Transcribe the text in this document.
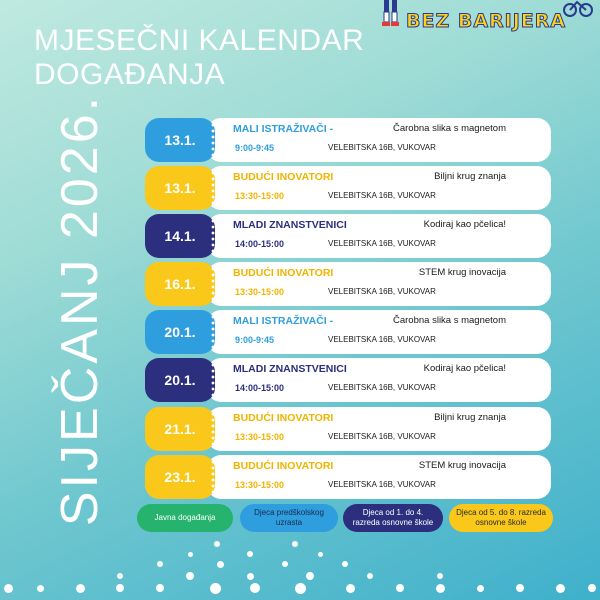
BEZ BARIJERA
MJESEČNI KALENDAR
DOGAĐANJA
SIJEČANJ 2026.	13.1.
MALI ISTRAŽIVAČI -
9:00-9:45
Čarobna slika s magnetom
VELEBITSKA 16B, VUKOVAR
13.1.
BUDUĆI INOVATORI
13:30-15:00
Biljni krug znanja
VELEBITSKA 16B, VUKOVAR
14.1.
MLADI ZNANSTVENICI
14:00-15:00
Kodiraj kao pčelica!
VELEBITSKA 16B, VUKOVAR
16.1.
BUDUĆI INOVATORI
13:30-15:00
STEM krug inovacija
VELEBITSKA 16B, VUKOVAR
20.1.
MALI ISTRAŽIVAČI -
9:00-9:45
Čarobna slika s magnetom
VELEBITSKA 16B, VUKOVAR
20.1.
MLADI ZNANSTVENICI
14:00-15:00
Kodiraj kao pčelica!
VELEBITSKA 16B, VUKOVAR
21.1.
BUDUĆI INOVATORI
13:30-15:00
Biljni krug znanja
VELEBITSKA 16B, VUKOVAR
23.1.
BUDUĆI INOVATORI
13:30-15:00
STEM krug inovacija
VELEBITSKA 16B, VUKOVAR
Javna događanja
Djeca predškolskog uzrasta
Djeca od 1. do 4. razreda osnovne škole
Djeca od 5. do 8. razreda osnovne škole
